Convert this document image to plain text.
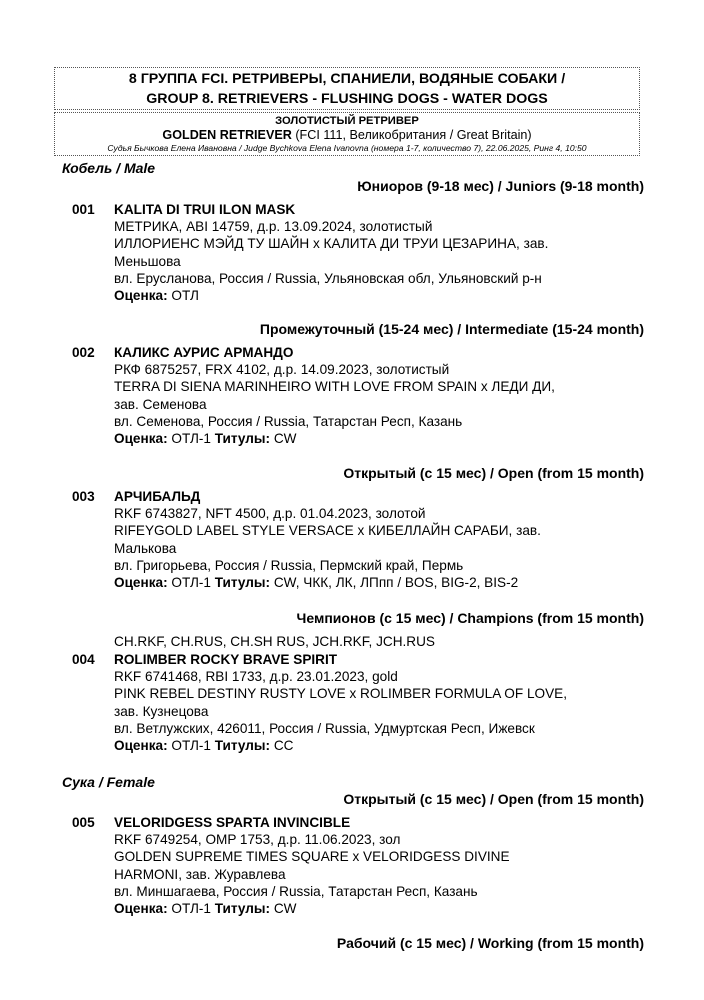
8 ГРУППА FCI. РЕТРИВЕРЫ, СПАНИЕЛИ, ВОДЯНЫЕ СОБАКИ /
GROUP 8. RETRIEVERS - FLUSHING DOGS - WATER DOGS
ЗОЛОТИСТЫЙ РЕТРИВЕР
GOLDEN RETRIEVER (FCI 111, Великобритания / Great Britain)
Судья Бычкова Елена Ивановна / Judge Bychkova Elena Ivanovna (номера 1-7, количество 7), 22.06.2025, Ринг 4, 10:50
Кобель / Male
Юниоров (9-18 мес) / Juniors (9-18 month)
001 KALITA DI TRUI ILON MASK
МЕТРИКА, ABI 14759, д.р. 13.09.2024, золотистый
ИЛЛОРИЕНС МЭЙД ТУ ШАЙН х КАЛИТА ДИ ТРУИ ЦЕЗАРИНА, зав.
Меньшова
вл. Ерусланова, Россия / Russia, Ульяновская обл, Ульяновский р-н
Оценка: ОТЛ
Промежуточный (15-24 мес) / Intermediate (15-24 month)
002 КАЛИКС АУРИС АРМАНДО
РКФ 6875257, FRX 4102, д.р. 14.09.2023, золотистый
TERRA DI SIENA MARINHEIRO WITH LOVE FROM SPAIN х ЛЕДИ ДИ,
зав. Семенова
вл. Семенова, Россия / Russia, Татарстан Респ, Казань
Оценка: ОТЛ-1 Титулы: CW
Открытый (с 15 мес) / Open (from 15 month)
003 АРЧИБАЛЬД
RKF 6743827, NFT 4500, д.р. 01.04.2023, золотой
RIFEYGOLD LABEL STYLE VERSACE х КИБЕЛЛАЙН САРАБИ, зав.
Малькова
вл. Григорьева, Россия / Russia, Пермский край, Пермь
Оценка: ОТЛ-1 Титулы: CW, ЧКК, ЛК, ЛПпп / BOS, BIG-2, BIS-2
Чемпионов (с 15 мес) / Champions (from 15 month)
CH.RKF, CH.RUS, CH.SH RUS, JCH.RKF, JCH.RUS
004 ROLIMBER ROCKY BRAVE SPIRIT
RKF 6741468, RBI 1733, д.р. 23.01.2023, gold
PINK REBEL DESTINY RUSTY LOVE х ROLIMBER FORMULA OF LOVE,
зав. Кузнецова
вл. Ветлужских, 426011, Россия / Russia, Удмуртская Респ, Ижевск
Оценка: ОТЛ-1 Титулы: CC
Сука / Female
Открытый (с 15 мес) / Open (from 15 month)
005 VELORIDGESS SPARTA INVINCIBLE
RKF 6749254, OMP 1753, д.р. 11.06.2023, зол
GOLDEN SUPREME TIMES SQUARE х VELORIDGESS DIVINE
HARMONI, зав. Журавлева
вл. Миншагаева, Россия / Russia, Татарстан Респ, Казань
Оценка: ОТЛ-1 Титулы: CW
Рабочий (с 15 мес) / Working (from 15 month)
